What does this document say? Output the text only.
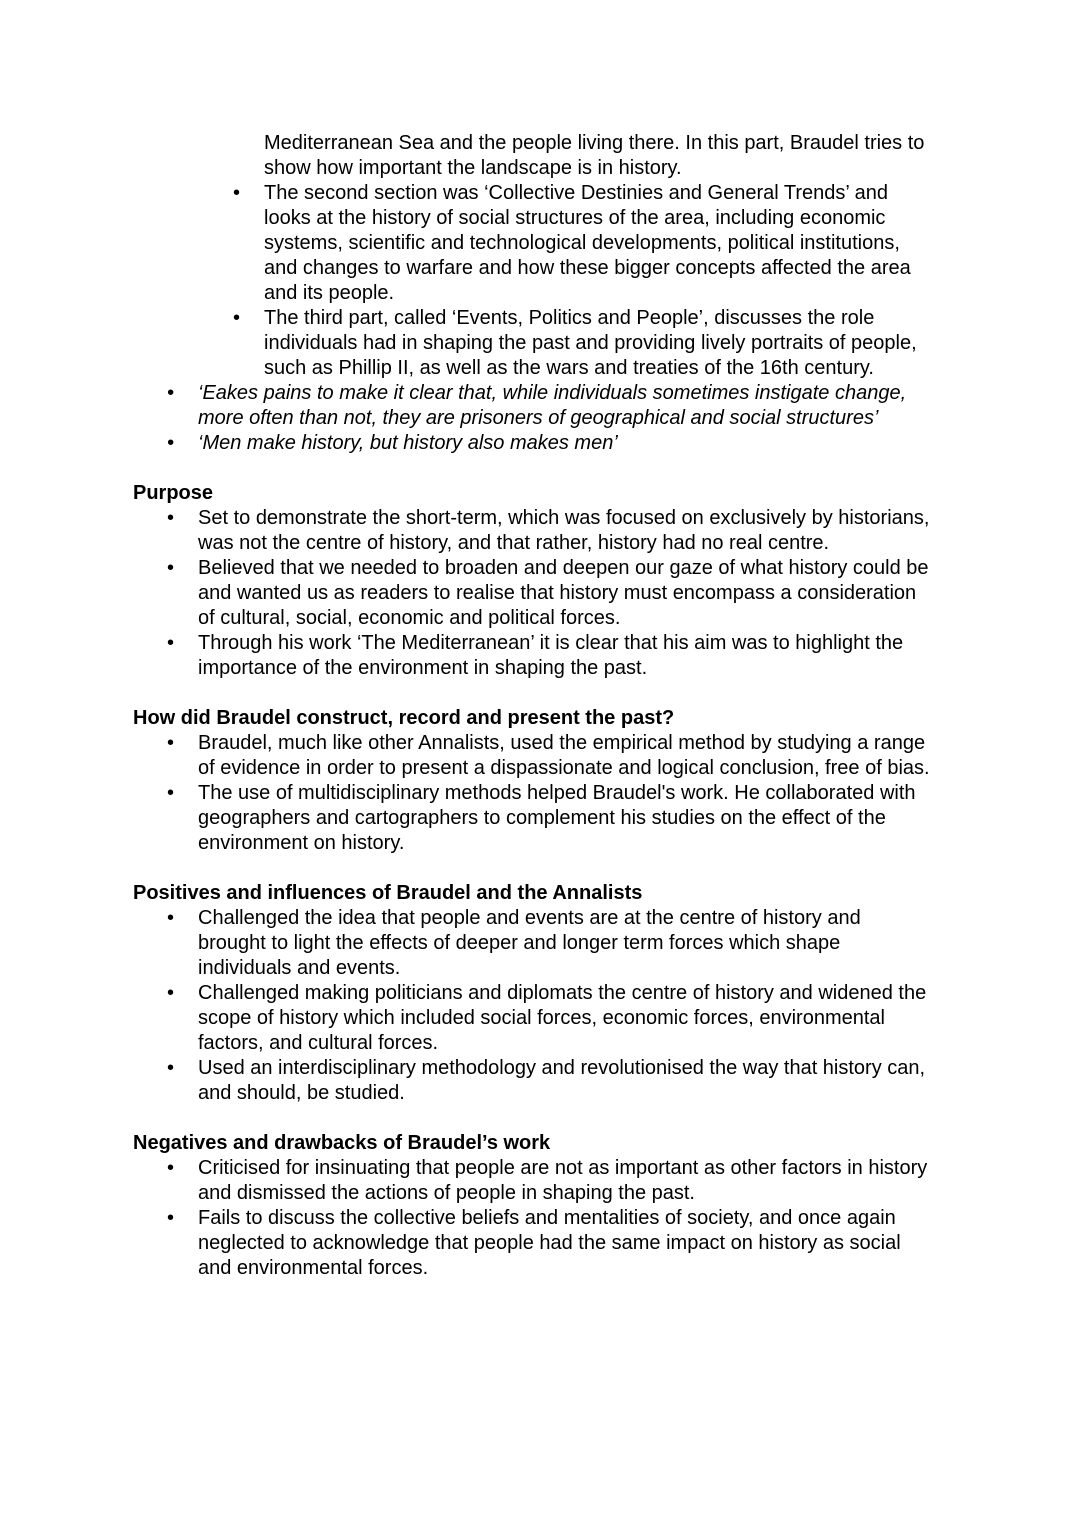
Mediterranean Sea and the people living there. In this part, Braudel tries to show how important the landscape is in history.

• The second section was ‘Collective Destinies and General Trends’ and looks at the history of social structures of the area, including economic systems, scientific and technological developments, political institutions, and changes to warfare and how these bigger concepts affected the area and its people.
• The third part, called ‘Events, Politics and People’, discusses the role individuals had in shaping the past and providing lively portraits of people, such as Phillip II, as well as the wars and treaties of the 16th century.
• ‘Eakes pains to make it clear that, while individuals sometimes instigate change, more often than not, they are prisoners of geographical and social structures’
• ‘Men make history, but history also makes men’
Purpose
• Set to demonstrate the short-term, which was focused on exclusively by historians, was not the centre of history, and that rather, history had no real centre.
• Believed that we needed to broaden and deepen our gaze of what history could be and wanted us as readers to realise that history must encompass a consideration of cultural, social, economic and political forces.
• Through his work ‘The Mediterranean’ it is clear that his aim was to highlight the importance of the environment in shaping the past.
How did Braudel construct, record and present the past?
• Braudel, much like other Annalists, used the empirical method by studying a range of evidence in order to present a dispassionate and logical conclusion, free of bias.
• The use of multidisciplinary methods helped Braudel's work. He collaborated with geographers and cartographers to complement his studies on the effect of the environment on history.
Positives and influences of Braudel and the Annalists
• Challenged the idea that people and events are at the centre of history and brought to light the effects of deeper and longer term forces which shape individuals and events.
• Challenged making politicians and diplomats the centre of history and widened the scope of history which included social forces, economic forces, environmental factors, and cultural forces.
• Used an interdisciplinary methodology and revolutionised the way that history can, and should, be studied.
Negatives and drawbacks of Braudel’s work
• Criticised for insinuating that people are not as important as other factors in history and dismissed the actions of people in shaping the past.
• Fails to discuss the collective beliefs and mentalities of society, and once again neglected to acknowledge that people had the same impact on history as social and environmental forces.
